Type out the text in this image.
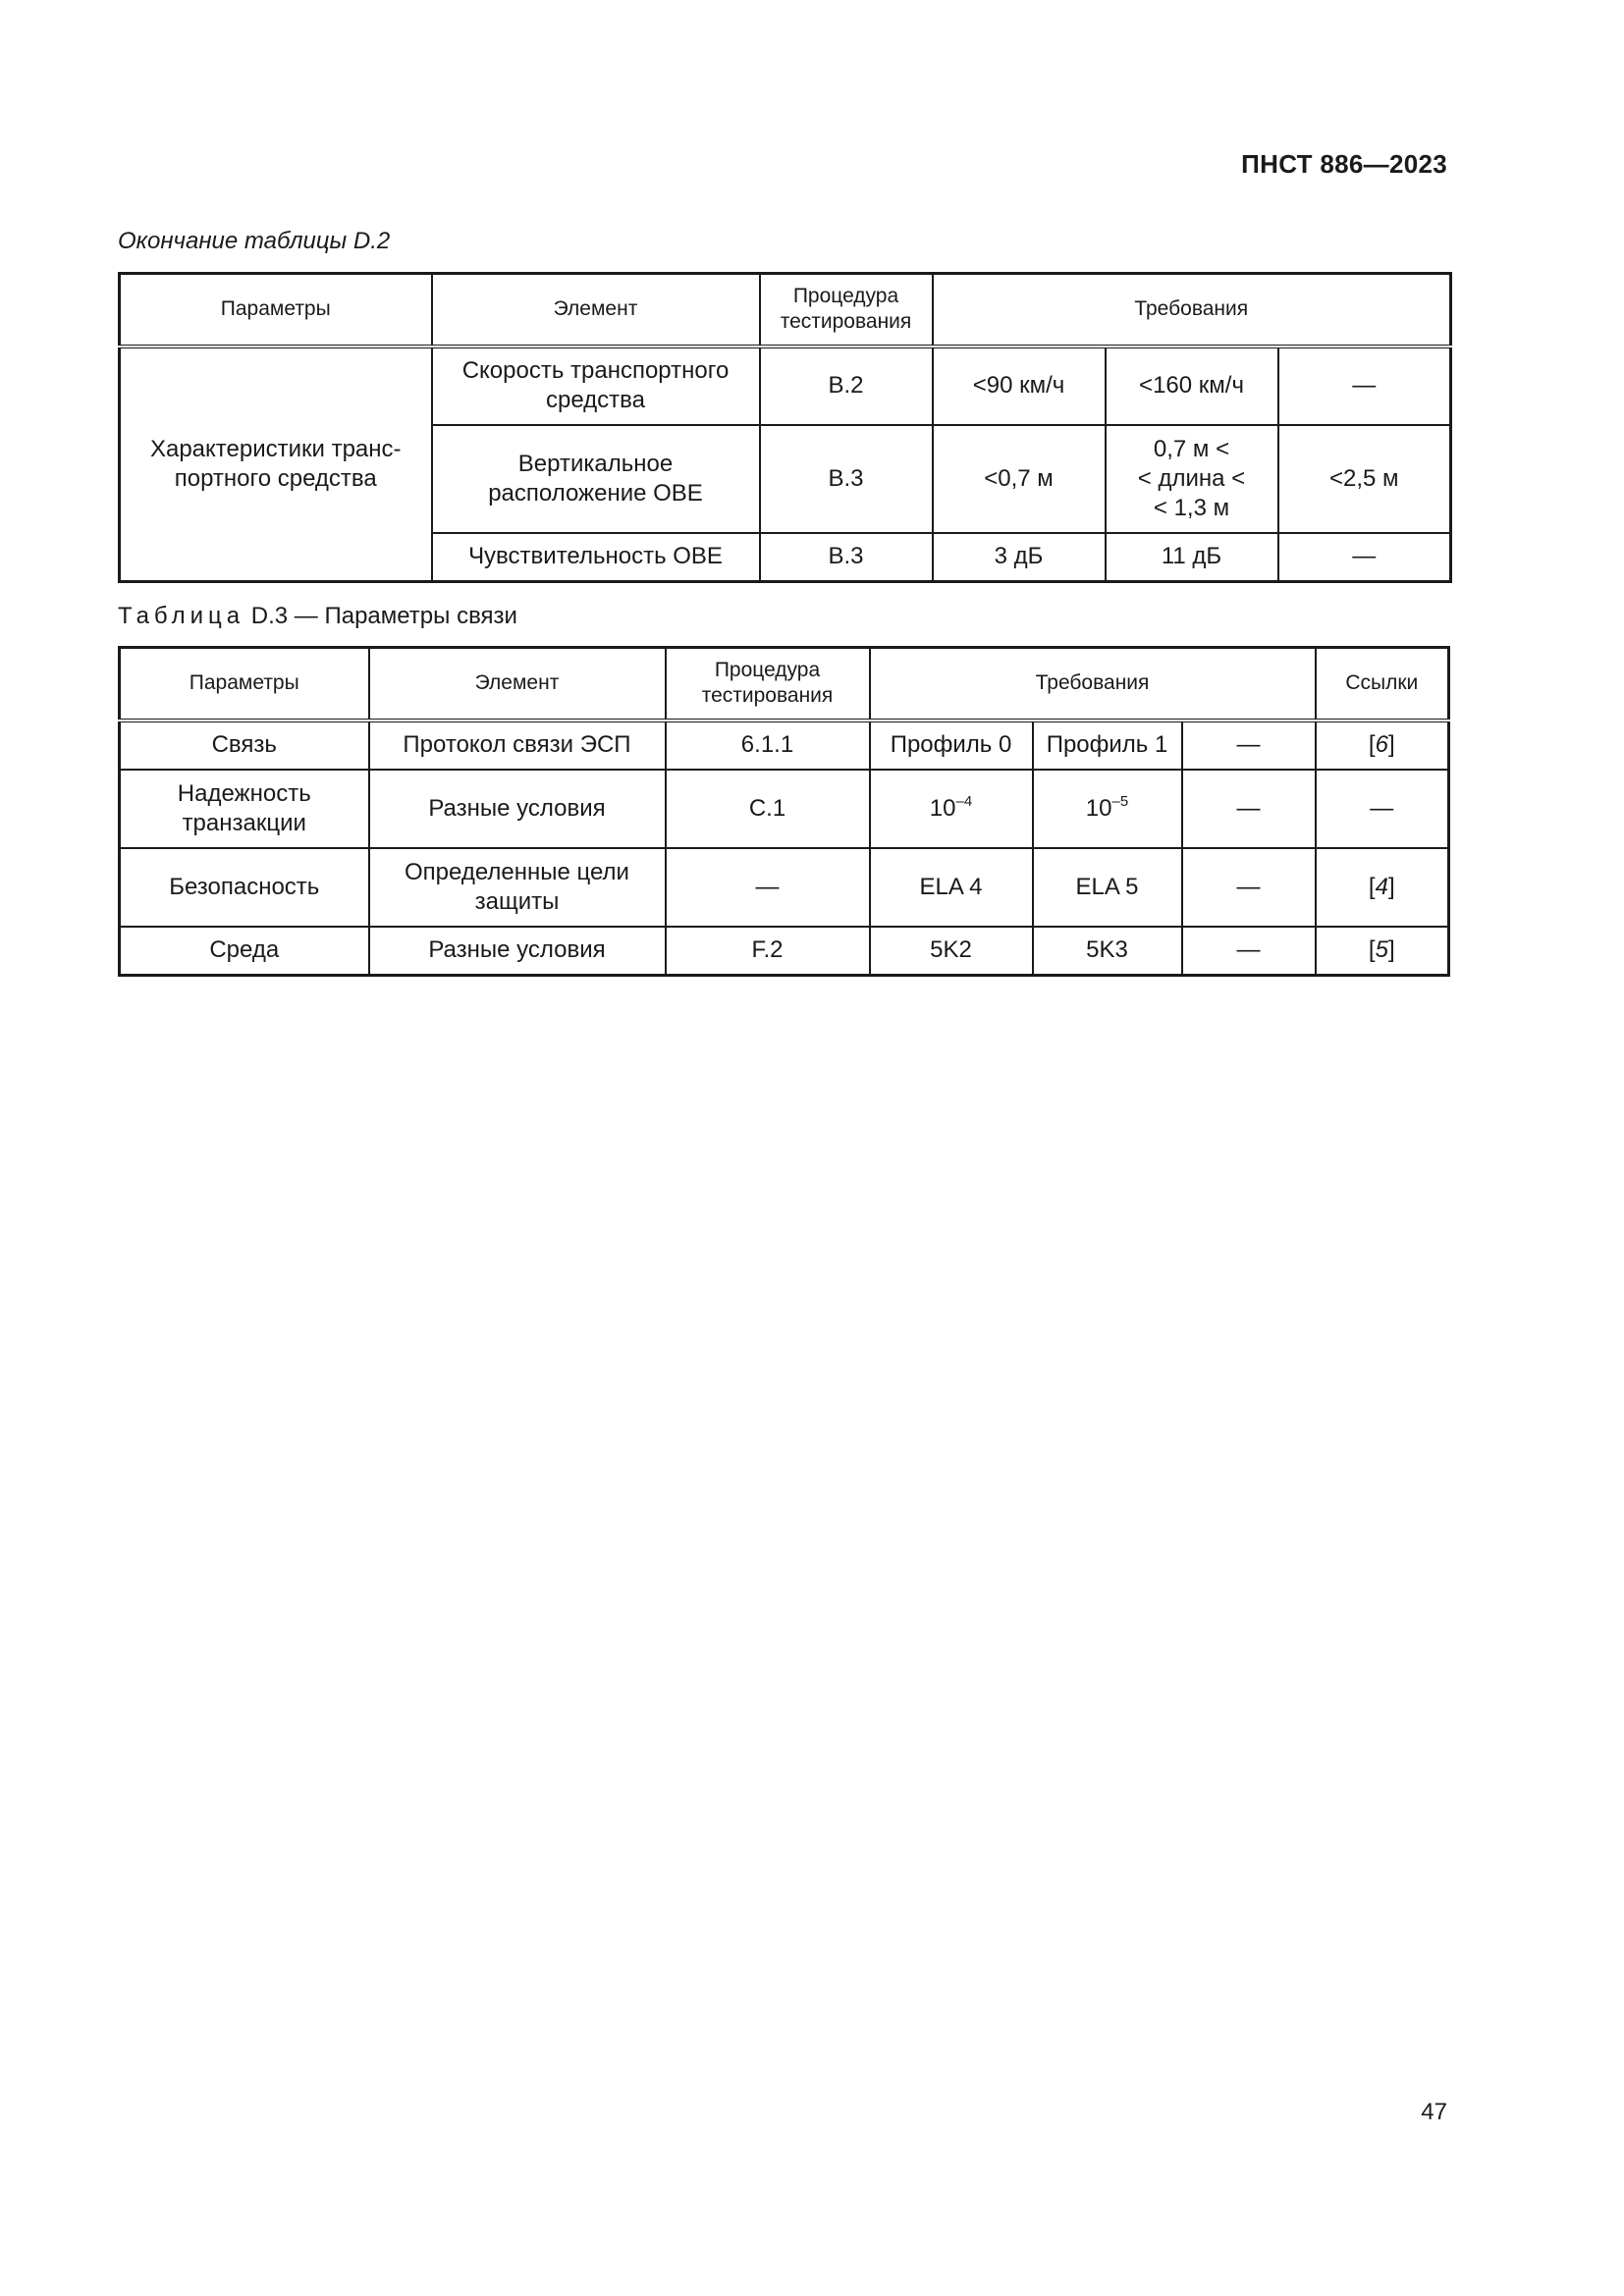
ПНСТ 886—2023
Окончание таблицы D.2
Параметры	Элемент	Процедура тестирования	Требования		
Характеристики транс-портного средства	Скорость транспортного средства	B.2	<90 км/ч	<160 км/ч	—
	Вертикальное расположение OBE	B.3	<0,7 м	0,7 м <
< длина <
< 1,3 м	<2,5 м
	Чувствительность OBE	B.3	3 дБ	11 дБ	—
Таблица D.3 — Параметры связи
Параметры	Элемент	Процедура тестирования	Требования			Ссылки
Связь	Протокол связи ЭСП	6.1.1	Профиль 0	Профиль 1	—	[6]
Надежность транзакции	Разные условия	C.1	$10^{-4}$	$10^{-5}$	—	—
Безопасность	Определенные цели защиты	—	ELA 4	ELA 5	—	[4]
Среда	Разные условия	F.2	5K2	5K3	—	[5]
47
